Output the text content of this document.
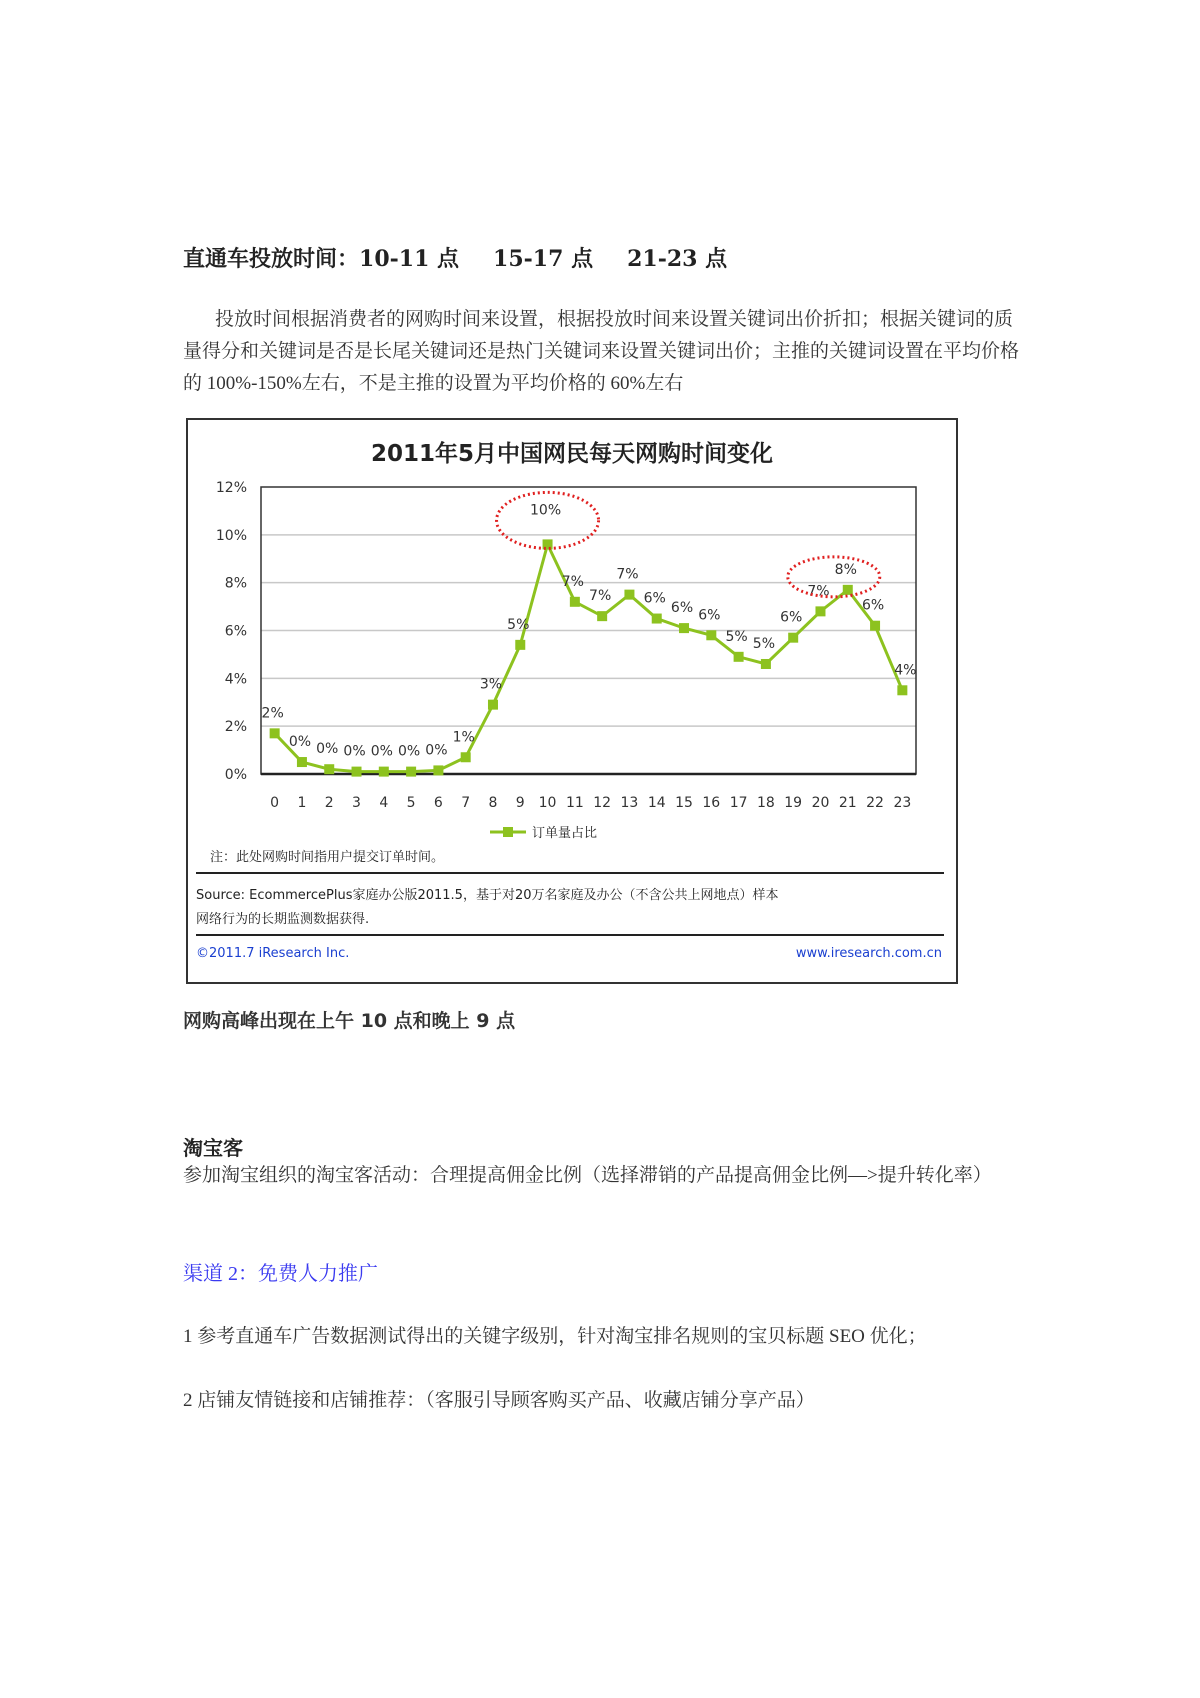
直通车投放时间：10-11 点 15-17 点 21-23 点
投放时间根据消费者的网购时间来设置，根据投放时间来设置关键词出价折扣；根据关键词的质量得分和关键词是否是长尾关键词还是热门关键词来设置关键词出价；主推的关键词设置在平均价格的 100%-150%左右，不是主推的设置为平均价格的 60%左右
0%
2%
4%
6%
8%
10%
12%
0 1 2 3 4 5 6 7 8 9 10 11 12 13 14 15 16 17 18 19 20 21 22 23
2%
0% 0% 0% 0% 0% 0%
1%
3%
5%
10%
7%
7%
7%
6%
6% 6%
5% 5%
6%
7%
8%
6%
4%
2011年5月中国网民每天网购时间变化
订单量占比
注：此处网购时间指用户提交订单时间。
Source: EcommercePlus家庭办公版2011.5，基于对20万名家庭及办公（不含公共上网地点）样本
网络行为的长期监测数据获得.
©2011.7 iResearch Inc.	www.iresearch.com.cn
网购高峰出现在上午 10 点和晚上 9 点
淘宝客
参加淘宝组织的淘宝客活动：合理提高佣金比例（选择滞销的产品提高佣金比例—>提升转化率）
渠道 2：免费人力推广
1 参考直通车广告数据测试得出的关键字级别，针对淘宝排名规则的宝贝标题 SEO 优化；
2 店铺友情链接和店铺推荐：（客服引导顾客购买产品、收藏店铺分享产品）
